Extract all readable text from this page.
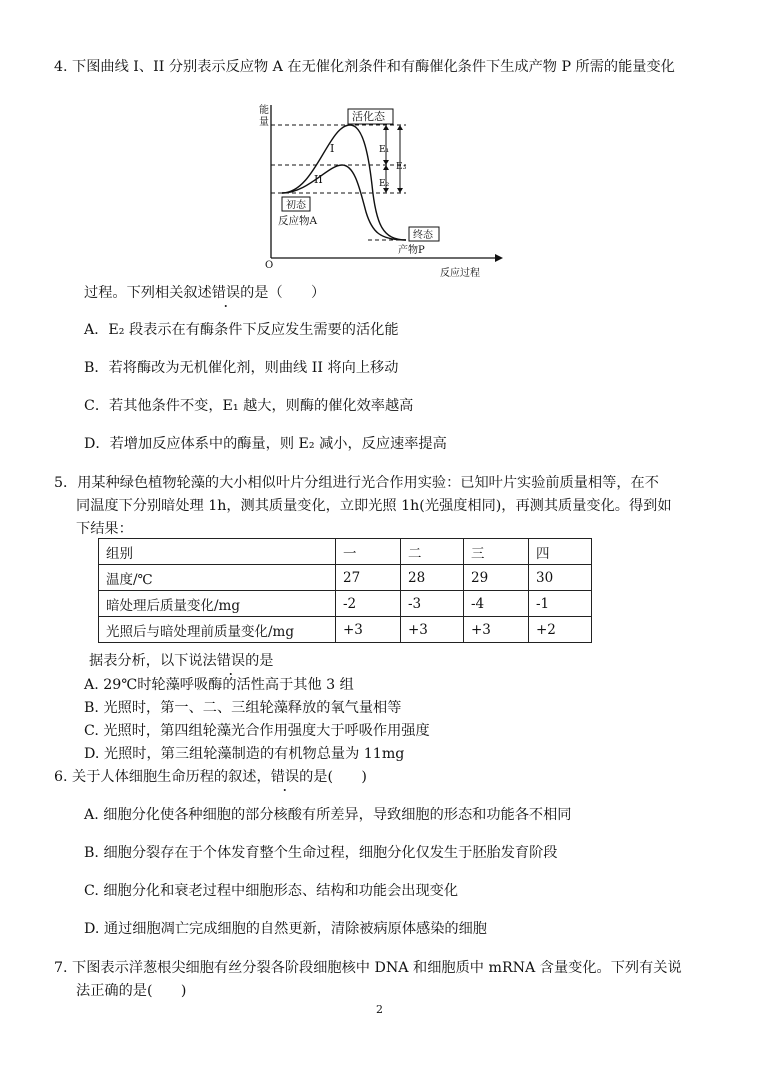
4. 下图曲线 I、II 分别表示反应物 A 在无催化剂条件和有酶催化条件下生成产物 P 所需的能量变化
能
量
O
反应过程
活化态
初态
反应物A
终态
产物P
I
II
E₁
E₂
E₃
过程。下列相关叙述错误的是（　　）
A．E₂ 段表示在有酶条件下反应发生需要的活化能
B．若将酶改为无机催化剂，则曲线 II 将向上移动
C．若其他条件不变，E₁ 越大，则酶的催化效率越高
D．若增加反应体系中的酶量，则 E₂ 减小，反应速率提高
5．用某种绿色植物轮藻的大小相似叶片分组进行光合作用实验：已知叶片实验前质量相等，在不
同温度下分别暗处理 1h，测其质量变化，立即光照 1h(光强度相同)，再测其质量变化。得到如
下结果：
组别	一	二	三	四
温度/℃	27	28	29	30
暗处理后质量变化/mg	-2	-3	-4	-1
光照后与暗处理前质量变化/mg	+3	+3	+3	+2
据表分析，以下说法错误的是
A. 29℃时轮藻呼吸酶的活性高于其他 3 组
B. 光照时，第一、二、三组轮藻释放的氧气量相等
C. 光照时，第四组轮藻光合作用强度大于呼吸作用强度
D. 光照时，第三组轮藻制造的有机物总量为 11mg
6. 关于人体细胞生命历程的叙述，错误的是(　　)
A. 细胞分化使各种细胞的部分核酸有所差异，导致细胞的形态和功能各不相同
B. 细胞分裂存在于个体发育整个生命过程，细胞分化仅发生于胚胎发育阶段
C. 细胞分化和衰老过程中细胞形态、结构和功能会出现变化
D. 通过细胞凋亡完成细胞的自然更新，清除被病原体感染的细胞
7. 下图表示洋葱根尖细胞有丝分裂各阶段细胞核中 DNA 和细胞质中 mRNA 含量变化。下列有关说
法正确的是(　　)
2
